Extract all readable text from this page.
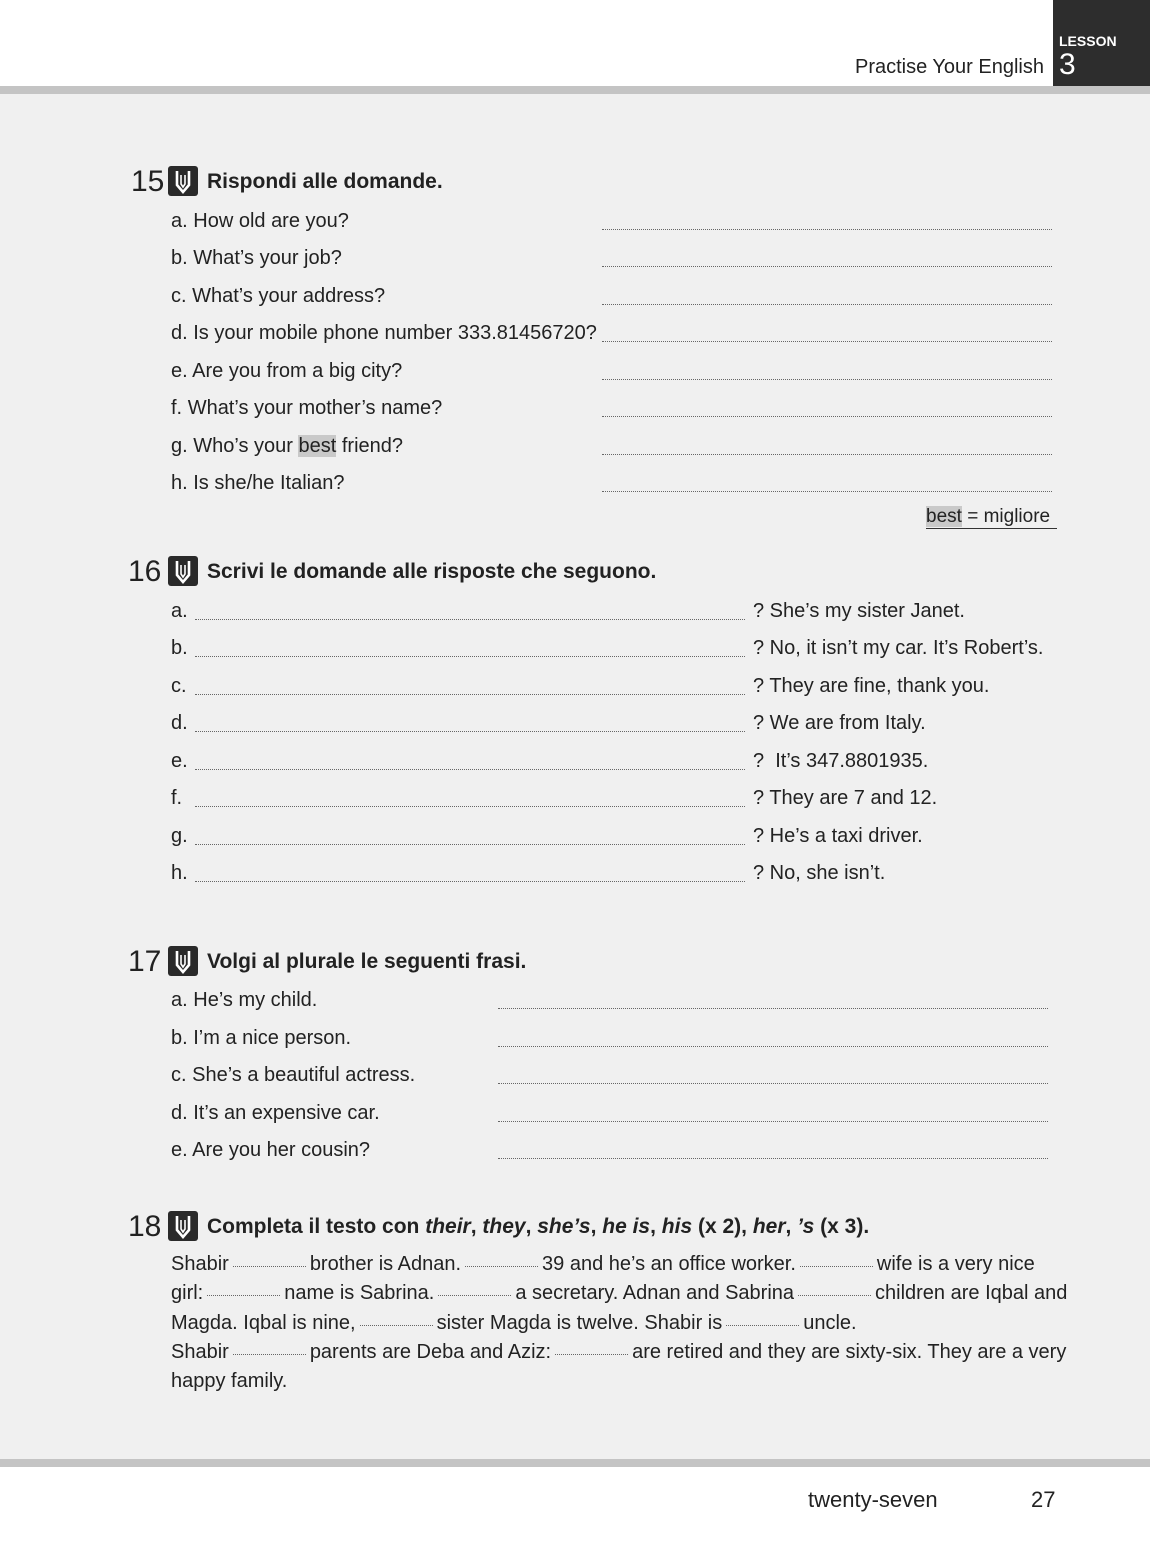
Practise Your English
LESSON
3
15 Rispondi alle domande.
a. How old are you?
b. What’s your job?
c. What’s your address?
d. Is your mobile phone number 333.81456720?
e. Are you from a big city?
f. What’s your mother’s name?
g. Who’s your best friend?
h. Is she/he Italian?
best = migliore
16 Scrivi le domande alle risposte che seguono.
a.	? She’s my sister Janet.
b.	? No, it isn’t my car. It’s Robert’s.
c.	? They are fine, thank you.
d.	? We are from Italy.
e.	?  It’s 347.8801935.
f.	? They are 7 and 12.
g.	? He’s a taxi driver.
h.	? No, she isn’t.
17 Volgi al plurale le seguenti frasi.
a. He’s my child.
b. I’m a nice person.
c. She’s a beautiful actress.
d. It’s an expensive car.
e. Are you her cousin?
18 Completa il testo con their, they, she’s, he is, his (x 2), her, ’s (x 3).
Shabir	brother is Adnan.	39 and he’s an office worker.	wife is a very nice girl:	name is Sabrina.	a secretary. Adnan and Sabrina	children are Iqbal and Magda. Iqbal is nine,	sister Magda is twelve. Shabir is	uncle.
Shabir	parents are Deba and Aziz:	are retired and they are sixty-six. They are a very happy family.
twenty-seven	27
